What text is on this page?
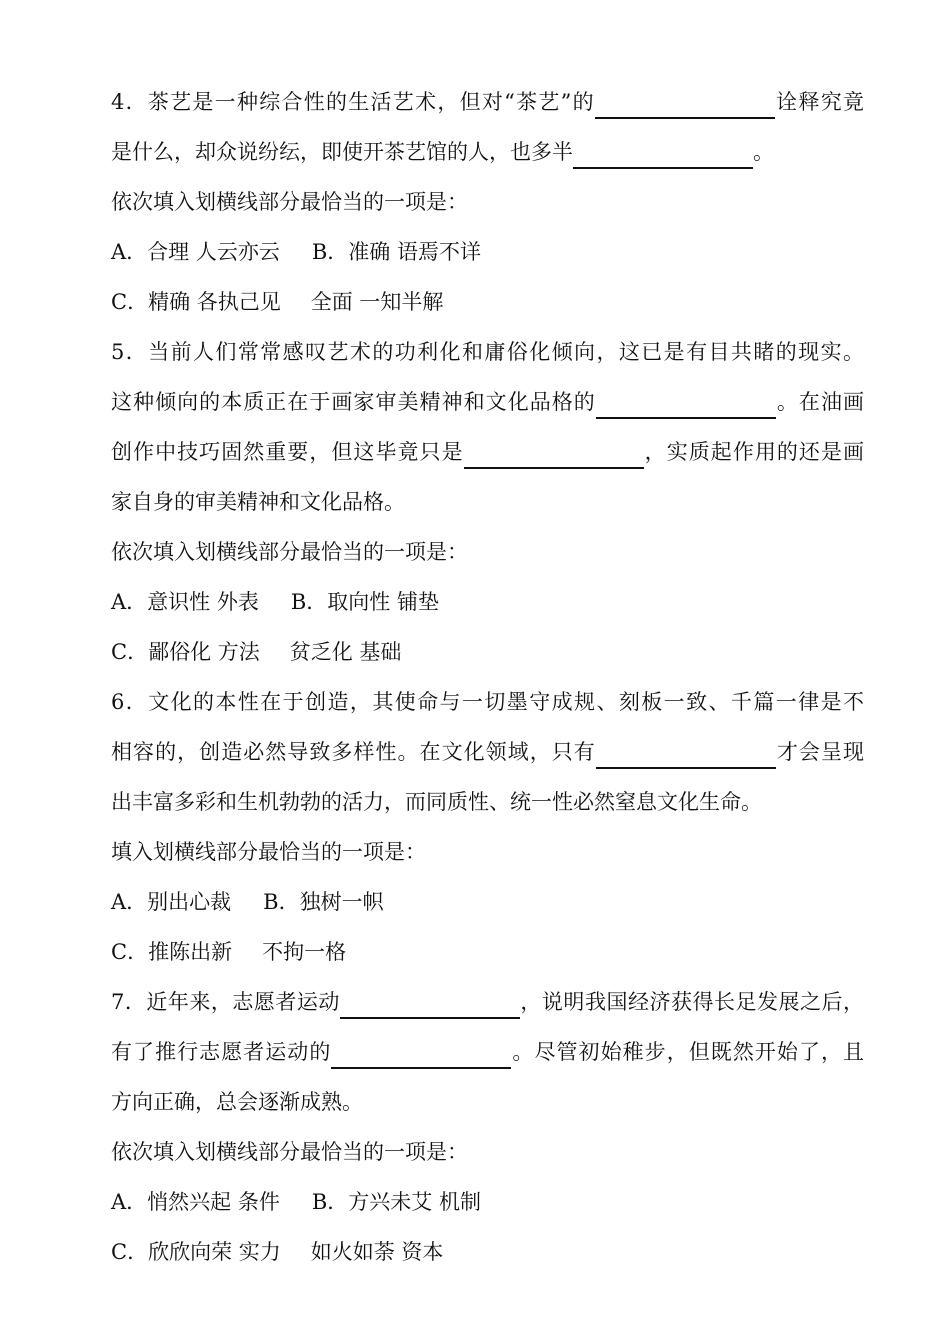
4．茶艺是一种综合性的生活艺术，但对“茶艺”的	诠释究竟
是什么，却众说纷纭，即使开茶艺馆的人，也多半	。
依次填入划横线部分最恰当的一项是：
A．合理 人云亦云 B．准确 语焉不详
C．精确 各执己见 全面 一知半解
5．当前人们常常感叹艺术的功利化和庸俗化倾向，这已是有目共睹的现实。
这种倾向的本质正在于画家审美精神和文化品格的	。在油画
创作中技巧固然重要，但这毕竟只是	，实质起作用的还是画
家自身的审美精神和文化品格。
依次填入划横线部分最恰当的一项是：
A．意识性 外表 B．取向性 铺垫
C．鄙俗化 方法 贫乏化 基础
6．文化的本性在于创造，其使命与一切墨守成规、刻板一致、千篇一律是不
相容的，创造必然导致多样性。在文化领域，只有	才会呈现
出丰富多彩和生机勃勃的活力，而同质性、统一性必然窒息文化生命。
填入划横线部分最恰当的一项是：
A．别出心裁 B．独树一帜
C．推陈出新 不拘一格
7．近年来，志愿者运动	，说明我国经济获得长足发展之后，
有了推行志愿者运动的	。尽管初始稚步，但既然开始了，且
方向正确，总会逐渐成熟。
依次填入划横线部分最恰当的一项是：
A．悄然兴起 条件 B．方兴未艾 机制
C．欣欣向荣 实力 如火如荼 资本
